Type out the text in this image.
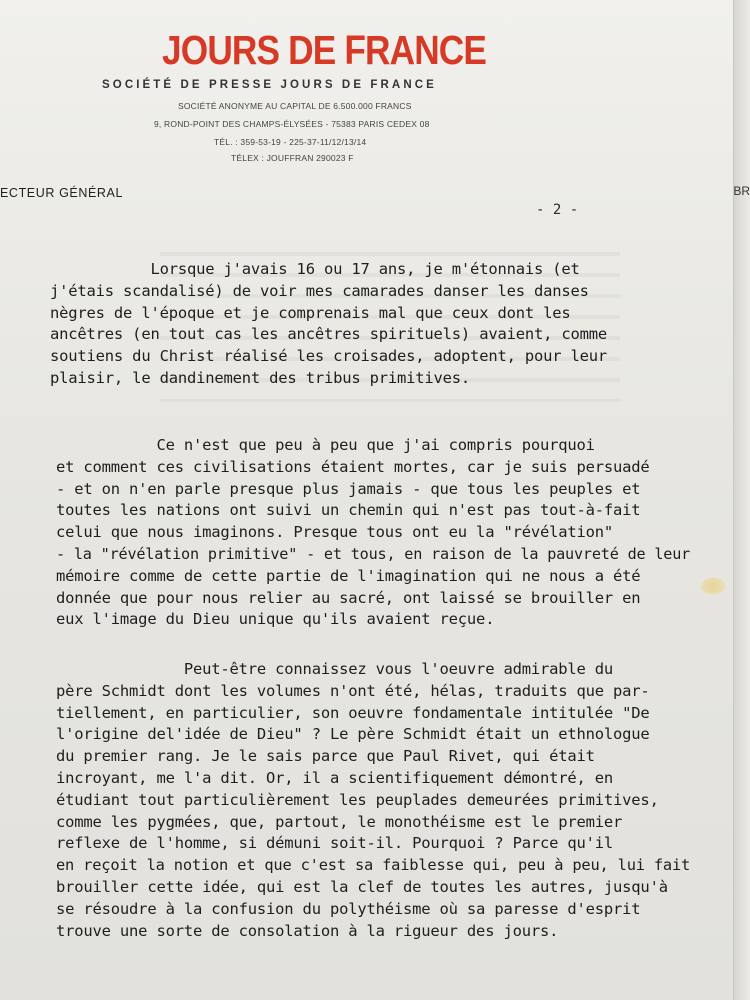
JOURS DE FRANCE
SOCIÉTÉ DE PRESSE JOURS DE FRANCE
SOCIÉTÉ ANONYME AU CAPITAL DE 6.500.000 FRANCS
9, ROND-POINT DES CHAMPS-ÉLYSÉES - 75383 PARIS CEDEX 08
TÉL. : 359-53-19 - 225-37-11/12/13/14
TÉLEX : JOUFFRAN 290023 F
ECTEUR GÉNÉRAL
- 2 -
Lorsque j'avais 16 ou 17 ans, je m'étonnais (et
j'étais scandalisé) de voir mes camarades danser les danses
nègres de l'époque et je comprenais mal que ceux dont les
ancêtres (en tout cas les ancêtres spirituels) avaient, comme
soutiens du Christ réalisé les croisades, adoptent, pour leur
plaisir, le dandinement des tribus primitives.
Ce n'est que peu à peu que j'ai compris pourquoi
et comment ces civilisations étaient mortes, car je suis persuadé
- et on n'en parle presque plus jamais - que tous les peuples et
toutes les nations ont suivi un chemin qui n'est pas tout-à-fait
celui que nous imaginons. Presque tous ont eu la "révélation"
- la "révélation primitive" - et tous, en raison de la pauvreté de leur
mémoire comme de cette partie de l'imagination qui ne nous a été
donnée que pour nous relier au sacré, ont laissé se brouiller en
eux l'image du Dieu unique qu'ils avaient reçue.
Peut-être connaissez vous l'oeuvre admirable du
père Schmidt dont les volumes n'ont été, hélas, traduits que par-
tiellement, en particulier, son oeuvre fondamentale intitulée "De
l'origine del'idée de Dieu" ? Le père Schmidt était un ethnologue
du premier rang. Je le sais parce que Paul Rivet, qui était
incroyant, me l'a dit. Or, il a scientifiquement démontré, en
étudiant tout particulièrement les peuplades demeurées primitives,
comme les pygmées, que, partout, le monothéisme est le premier
reflexe de l'homme, si démuni soit-il. Pourquoi ? Parce qu'il
en reçoit la notion et que c'est sa faiblesse qui, peu à peu, lui fait
brouiller cette idée, qui est la clef de toutes les autres, jusqu'à
se résoudre à la confusion du polythéisme où sa paresse d'esprit
trouve une sorte de consolation à la rigueur des jours.
ΒR
